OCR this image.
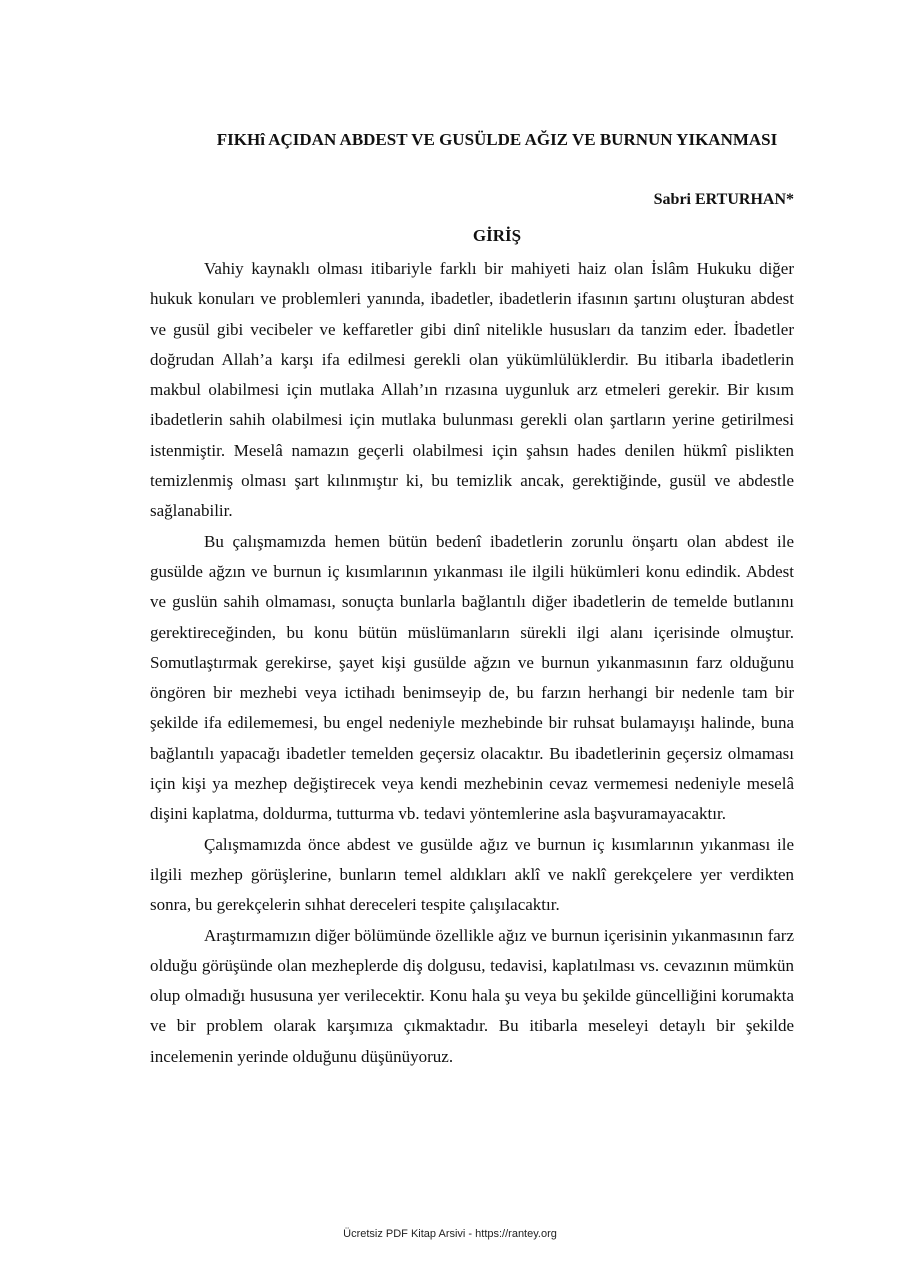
FIKHî AÇIDAN ABDEST VE GUSÜLDE AĞIZ VE BURNUN YIKANMASI

Sabri ERTURHAN*

GİRİŞ

Vahiy kaynaklı olması itibariyle farklı bir mahiyeti haiz olan İslâm Hukuku diğer hukuk konuları ve problemleri yanında, ibadetler, ibadetlerin ifasının şartını oluşturan abdest ve gusül gibi vecibeler ve keffaretler gibi dinî nitelikle hususları da tanzim eder. İbadetler doğrudan Allah’a karşı ifa edilmesi gerekli olan yükümlülüklerdir. Bu itibarla ibadetlerin makbul olabilmesi için mutlaka Allah’ın rızasına uygunluk arz etmeleri gerekir. Bir kısım ibadetlerin sahih olabilmesi için mutlaka bulunması gerekli olan şartların yerine getirilmesi istenmiştir. Meselâ namazın geçerli olabilmesi için şahsın hades denilen hükmî pislikten temizlenmiş olması şart kılınmıştır ki, bu temizlik ancak, gerektiğinde, gusül ve abdestle sağlanabilir.

Bu çalışmamızda hemen bütün bedenî ibadetlerin zorunlu önşartı olan abdest ile gusülde ağzın ve burnun iç kısımlarının yıkanması ile ilgili hükümleri konu edindik. Abdest ve guslün sahih olmaması, sonuçta bunlarla bağlantılı diğer ibadetlerin de temelde butlanını gerektireceğinden, bu konu bütün müslümanların sürekli ilgi alanı içerisinde olmuştur. Somutlaştırmak gerekirse, şayet kişi gusülde ağzın ve burnun yıkanmasının farz olduğunu öngören bir mezhebi veya ictihadı benimseyip de, bu farzın herhangi bir nedenle tam bir şekilde ifa edilememesi, bu engel nedeniyle mezhebinde bir ruhsat bulamayışı halinde, buna bağlantılı yapacağı ibadetler temelden geçersiz olacaktır. Bu ibadetlerinin geçersiz olmaması için kişi ya mezhep değiştirecek veya kendi mezhebinin cevaz vermemesi nedeniyle meselâ dişini kaplatma, doldurma, tutturma vb. tedavi yöntemlerine asla başvuramayacaktır.

Çalışmamızda önce abdest ve gusülde ağız ve burnun iç kısımlarının yıkanması ile ilgili mezhep görüşlerine, bunların temel aldıkları aklî ve naklî gerekçelere yer verdikten sonra, bu gerekçelerin sıhhat dereceleri tespite çalışılacaktır.

Araştırmamızın diğer bölümünde özellikle ağız ve burnun içerisinin yıkanmasının farz olduğu görüşünde olan mezheplerde diş dolgusu, tedavisi, kaplatılması vs. cevazının mümkün olup olmadığı hususuna yer verilecektir. Konu hala şu veya bu şekilde güncelliğini korumakta ve bir problem olarak karşımıza çıkmaktadır. Bu itibarla meseleyi detaylı bir şekilde incelemenin yerinde olduğunu düşünüyoruz.

Ücretsiz PDF Kitap Arsivi - https://rantey.org
